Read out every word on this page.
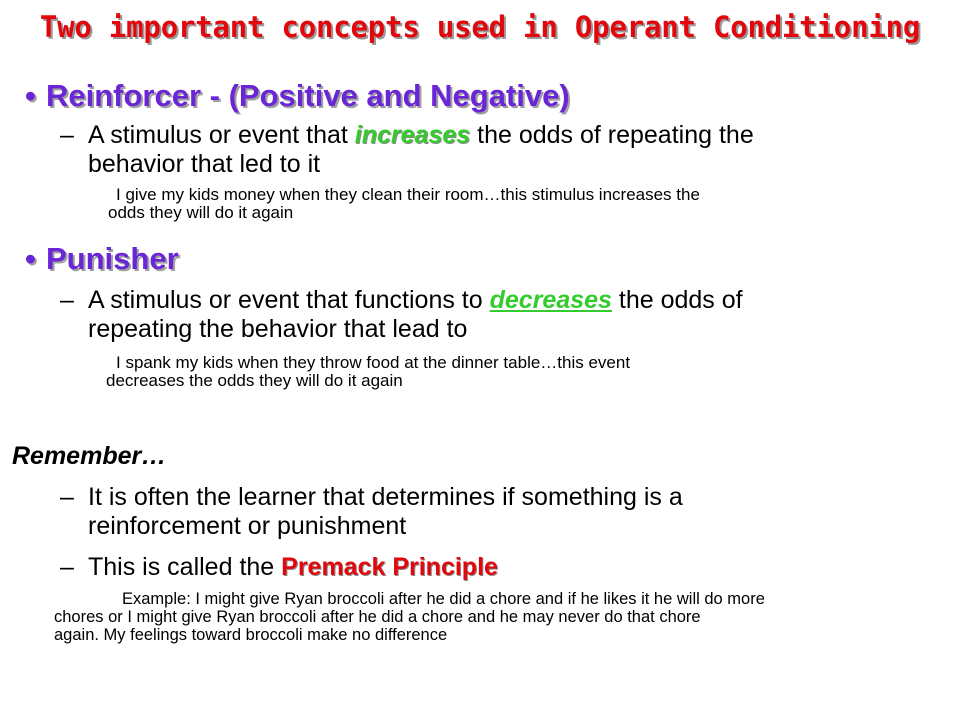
Two important concepts used in Operant Conditioning
• Reinforcer - (Positive and Negative)
– A stimulus or event that increases the odds of repeating the
behavior that led to it
I give my kids money when they clean their room…this stimulus increases the
odds they will do it again
• Punisher
– A stimulus or event that functions to decreases the odds of
repeating the behavior that lead to
I spank my kids when they throw food at the dinner table…this event
decreases the odds they will do it again
Remember…
– It is often the learner that determines if something is a
reinforcement or punishment
– This is called the Premack Principle
Example: I might give Ryan broccoli after he did a chore and if he likes it he will do more
chores or I might give Ryan broccoli after he did a chore and he may never do that chore
again. My feelings toward broccoli make no difference
